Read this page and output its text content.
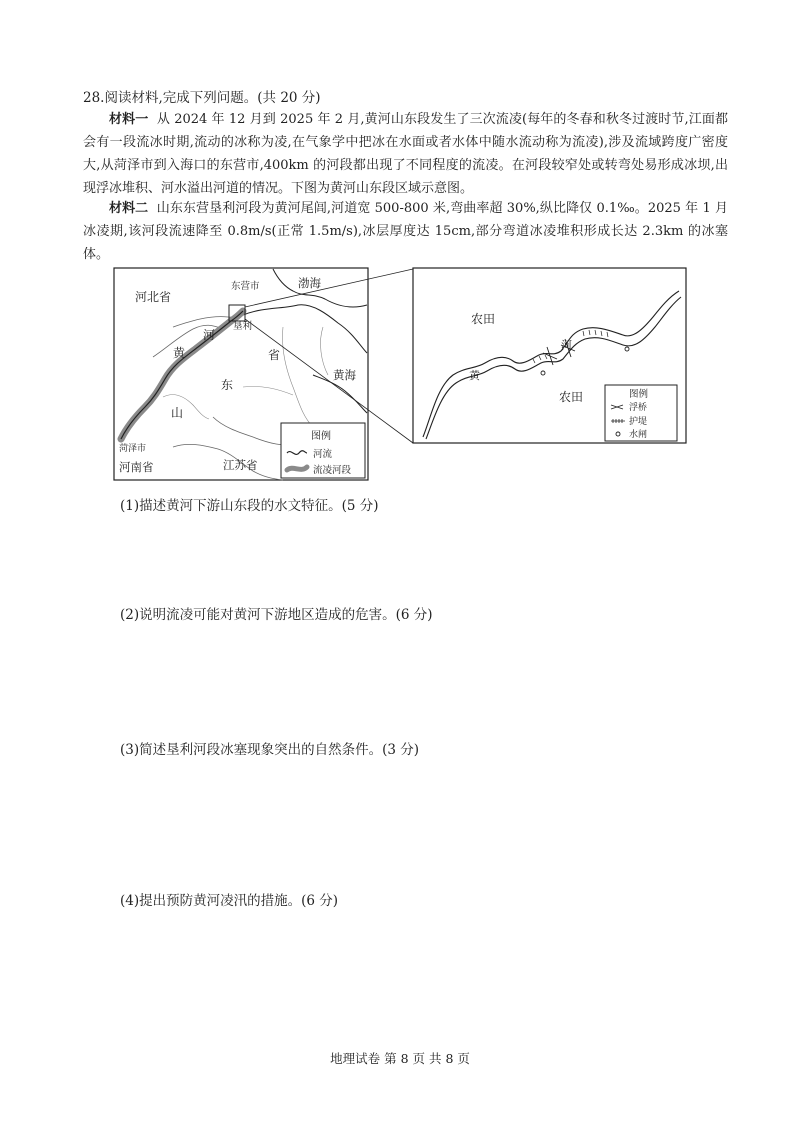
28.阅读材料,完成下列问题。(共 20 分)
材料一 从 2024 年 12 月到 2025 年 2 月,黄河山东段发生了三次流凌(每年的冬春和秋冬过渡时节,江面都会有一段流冰时期,流动的冰称为凌,在气象学中把冰在水面或者水体中随水流动称为流凌),涉及流域跨度广密度大,从菏泽市到入海口的东营市,400km 的河段都出现了不同程度的流凌。在河段较窄处或转弯处易形成冰坝,出现浮冰堆积、河水溢出河道的情况。下图为黄河山东段区域示意图。
材料二 山东东营垦利河段为黄河尾闾,河道宽 500-800 米,弯曲率超 30%,纵比降仅 0.1‰。2025 年 1 月冰凌期,该河段流速降至 0.8m/s(正常 1.5m/s),冰层厚度达 15cm,部分弯道冰凌堆积形成长达 2.3km 的冰塞体。
河北省
东营市	渤海
垦利
河
黄	省
黄海
东
山
菏泽市
河南省	江苏省
图例
河流
流凌河段
农田
农田
黄
河
图例
浮桥
护堤
水闸
(1)描述黄河下游山东段的水文特征。(5 分)
(2)说明流凌可能对黄河下游地区造成的危害。(6 分)
(3)简述垦利河段冰塞现象突出的自然条件。(3 分)
(4)提出预防黄河凌汛的措施。(6 分)
地理试卷 第 8 页 共 8 页
